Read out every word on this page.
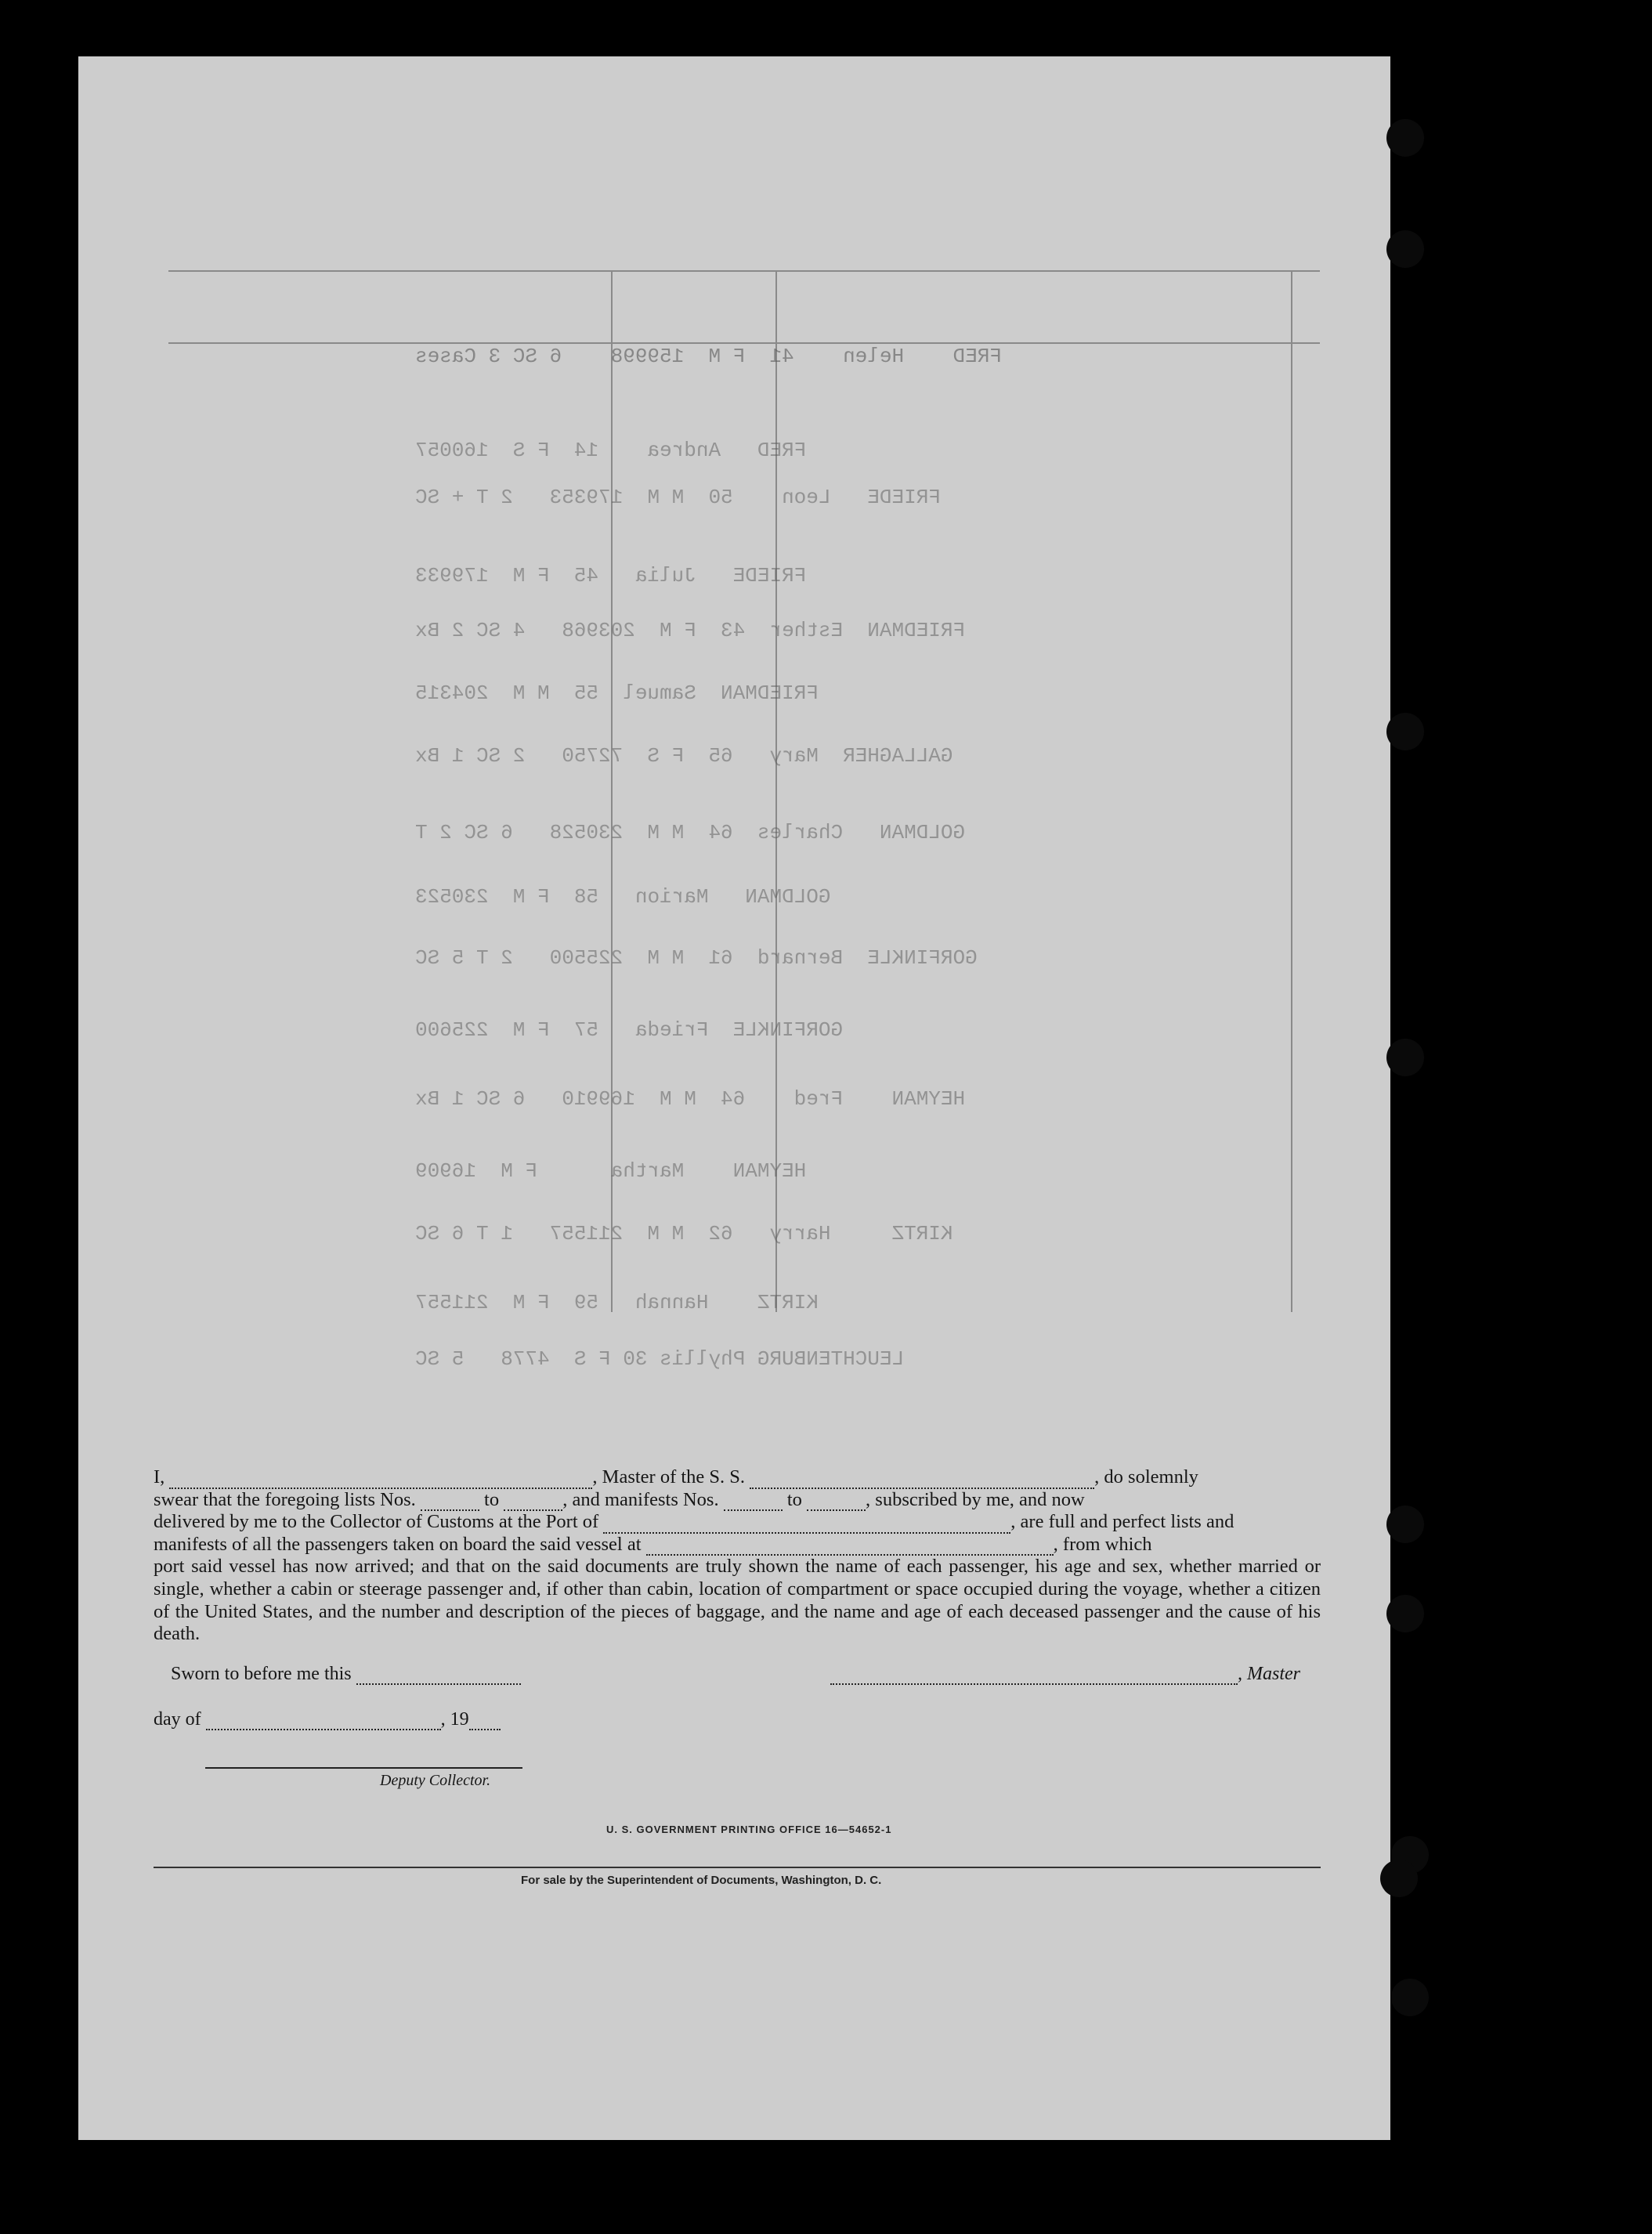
FRED    Helen    41  F M  159998    6 SC 3 Cases
FRED   Andrea    14  F S  160057
FRIEDE   Leon    50  M M  179353   2 T + SC
FRIEDE   Julia   45  F M  179933
FRIEDMAN  Esther  43  F M  203968   4 SC 2 Bx
FRIEDMAN  Samuel  55  M M  204315
GALLAGHER  Mary   65  F S  72750   2 SC 1 Bx
GOLDMAN   Charles  64  M M  230528   6 SC 2 T
GOLDMAN   Marion   58  F M  230523
GORFINKLE  Bernard  61  M M  225500   2 T 5 SC
GORFINKLE  Frieda   57  F M  225600
HEYMAN    Fred    64  M M  169910   6 SC 1 Bx
HEYMAN    Martha      F M  16909
KIRTZ     Harry   62  M M  211557   1 T 6 SC
KIRTZ    Hannah   59  F M  211557
LEUCHTENBURG Phyllis 30 F S  4778   5 SC
I,	, Master of the S. S.	, do solemnly
swear that the foregoing lists Nos.	to	, and manifests Nos.	to	, subscribed by me, and now
delivered by me to the Collector of Customs at the Port of	, are full and perfect lists and
manifests of all the passengers taken on board the said vessel at	, from which
port said vessel has now arrived; and that on the said documents are truly shown the name of each passenger, his age and sex, whether married or single, whether a cabin or steerage passenger and, if other than cabin, location of compartment or space occupied during the voyage, whether a citizen of the United States, and the number and description of the pieces of baggage, and the name and age of each deceased passenger and the cause of his death.
Sworn to before me this	, Master
day of	, 19
Deputy Collector.
U. S. GOVERNMENT PRINTING OFFICE 16—54652-1
For sale by the Superintendent of Documents, Washington, D. C.
